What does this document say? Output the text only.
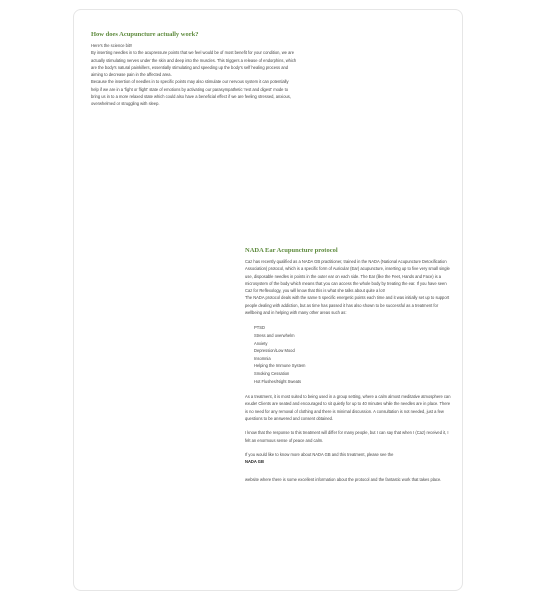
How does Acupuncture actually work?

Here's the science bit!!

By inserting needles in to the acupressure points that we feel would be of most benefit for your condition, we are actually stimulating nerves under the skin and deep into the muscles. This triggers a release of endorphins, which are the body's natural painkillers, essentially stimulating and speeding up the body's self healing process and aiming to decrease pain in the affected area.

Because the insertion of needles in to specific points may also stimulate our nervous system it can potentially help if we are in a 'fight or flight' state of emotions by activating our parasympathetic 'rest and digest' mode to bring us in to a more relaxed state which could also have a beneficial effect if we are feeling stressed, anxious, overwhelmed or struggling with sleep.

NADA Ear Acupuncture protocol

Caz has recently qualified as a NADA GB practitioner, trained in the NADA (National Acupuncture Detoxification Association) protocol, which is a specific form of Auricular (Ear) acupuncture, inserting up to five very small single use, disposable needles in points in the outer ear on each side. The Ear (like the Feet, Hands and Face) is a microsystem of the body which means that you can access the whole body by treating the ear. If you have seen Caz for Reflexology, you will know that this is what she talks about quite a lot!

The NADA protocol deals with the same 5 specific energetic points each time and it was initially set up to support people dealing with addiction, but as time has passed it has also shown to be successful as a treatment for wellbeing and in helping with many other areas such as:

PTSD
Stress and overwhelm
Anxiety
Depression/Low Mood
Insomnia
Helping the Immune System
Smoking Cessation
Hot Flushes/Night Sweats

As a treatment, it is most suited to being used in a group setting, where a calm almost meditative atmosphere can exude! Clients are seated and encouraged to sit quietly for up to 40 minutes while the needles are in place. There is no need for any removal of clothing and there is minimal discussion. A consultation is not needed, just a few questions to be answered and consent obtained.

I know that the response to this treatment will differ for many people, but I can say that when I (Caz) received it, I felt an enormous sense of peace and calm.

If you would like to know more about NADA GB and this treatment, please see the
NADA GB

website where there is some excellent information about the protocol and the fantastic work that takes place.
